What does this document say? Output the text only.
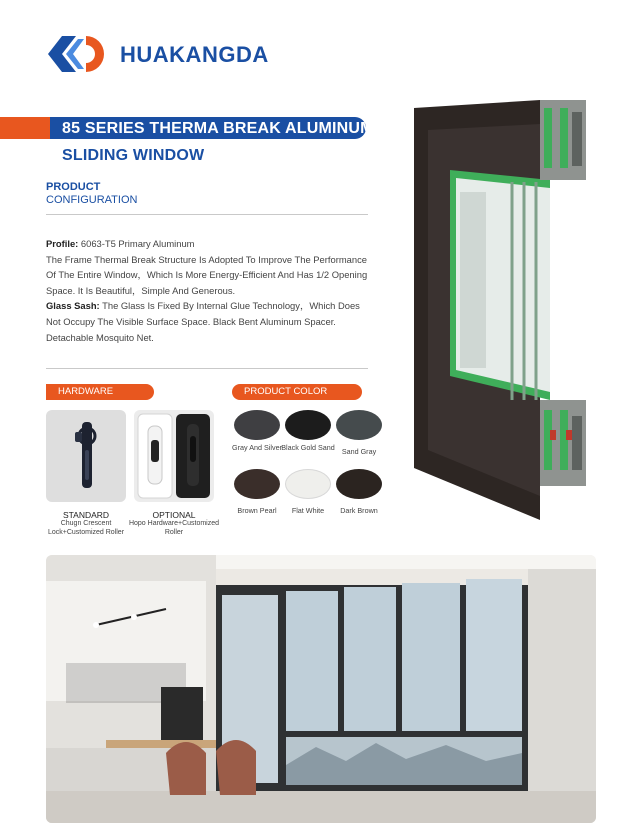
HUAKANGDA
85 SERIES THERMA BREAK ALUMINUM
SLIDING WINDOW
PRODUCT
CONFIGURATION

Profile: 6063-T5 Primary Aluminum

The Frame Thermal Break Structure Is Adopted To Improve The Performance Of The Entire Window，Which Is More Energy-Efficient And Has 1/2 Opening Space. It Is Beautiful，Simple And Generous.

Glass Sash: The Glass Is Fixed By Internal Glue Technology，Which Does Not Occupy The Visible Surface Space. Black Bent Aluminum Spacer.

Detachable Mosquito Net.

HARDWARE
STANDARD
Chugn Crescent Lock+Customized Roller
OPTIONAL
Hopo Hardware+Customized Roller
PRODUCT COLOR
Gray And Silver Black Gold Sand Sand Gray
Brown Pearl	Flat White	Dark Brown
